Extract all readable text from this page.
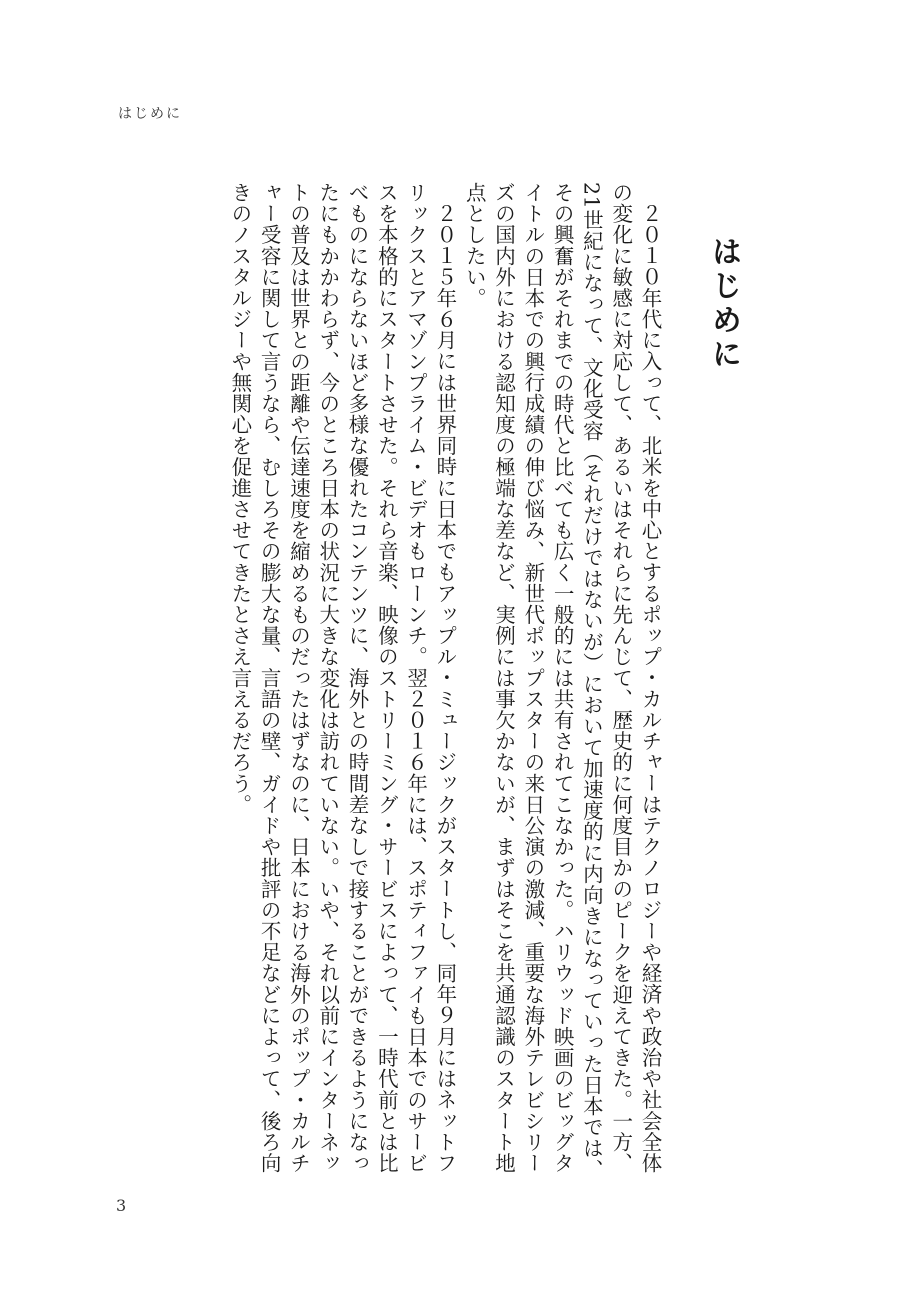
はじめに
はじめに

２０１０年代に入って、北米を中心とするポップ・カルチャーはテクノロジーや経済や政治や社会全体の変化に敏感に対応して、あるいはそれらに先んじて、歴史的に何度目かのピークを迎えてきた。一方、21世紀になって、文化受容（それだけではないが）において加速度的に内向きになっていった日本では、その興奮がそれまでの時代と比べても広く一般的には共有されてこなかった。ハリウッド映画のビッグタイトルの日本での興行成績の伸び悩み、新世代ポップスターの来日公演の激減、重要な海外テレビシリーズの国内外における認知度の極端な差など、実例には事欠かないが、まずはそこを共通認識のスタート地点としたい。

２０１５年６月には世界同時に日本でもアップル・ミュージックがスタートし、同年９月にはネットフリックスとアマゾンプライム・ビデオもローンチ。翌２０１６年には、スポティファイも日本でのサービスを本格的にスタートさせた。それら音楽、映像のストリーミング・サービスによって、一時代前とは比べものにならないほど多様な優れたコンテンツに、海外との時間差なしで接することができるようになったにもかかわらず、今のところ日本の状況に大きな変化は訪れていない。いや、それ以前にインターネットの普及は世界との距離や伝達速度を縮めるものだったはずなのに、日本における海外のポップ・カルチャー受容に関して言うなら、むしろその膨大な量、言語の壁、ガイドや批評の不足などによって、後ろ向きのノスタルジーや無関心を促進させてきたとさえ言えるだろう。

3
